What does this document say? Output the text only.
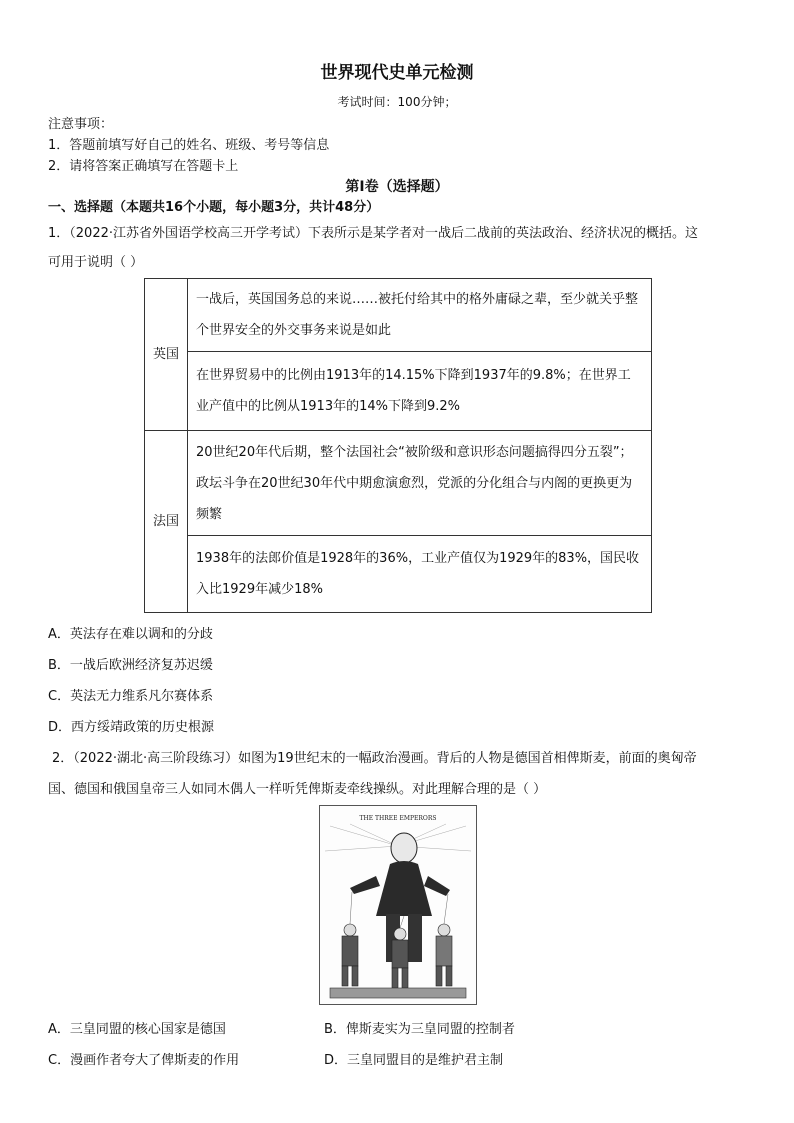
世界现代史单元检测
考试时间：100分钟；
注意事项：
1．答题前填写好自己的姓名、班级、考号等信息
2．请将答案正确填写在答题卡上
第I卷（选择题）
一、选择题（本题共16个小题，每小题3分，共计48分）
1．（2022·江苏省外国语学校高三开学考试）下表所示是某学者对一战后二战前的英法政治、经济状况的概括。这
可用于说明（ ）
英国	一战后，英国国务总的来说……被托付给其中的格外庸碌之辈，至少就关乎整个世界安全的外交事务来说是如此
	在世界贸易中的比例由1913年的14.15%下降到1937年的9.8%；在世界工业产值中的比例从1913年的14%下降到9.2%
法国	20世纪20年代后期，整个法国社会“被阶级和意识形态问题搞得四分五裂”；政坛斗争在20世纪30年代中期愈演愈烈，党派的分化组合与内阁的更换更为频繁
	1938年的法郎价值是1928年的36%，工业产值仅为1929年的83%，国民收入比1929年减少18%
A．英法存在难以调和的分歧
B．一战后欧洲经济复苏迟缓
C．英法无力维系凡尔赛体系
D．西方绥靖政策的历史根源
2．（2022·湖北·高三阶段练习）如图为19世纪末的一幅政治漫画。背后的人物是德国首相俾斯麦，前面的奥匈帝
国、德国和俄国皇帝三人如同木偶人一样听凭俾斯麦牵线操纵。对此理解合理的是（ ）
THE THREE EMPERORS
A．三皇同盟的核心国家是德国	B．俾斯麦实为三皇同盟的控制者
C．漫画作者夸大了俾斯麦的作用	D．三皇同盟目的是维护君主制
